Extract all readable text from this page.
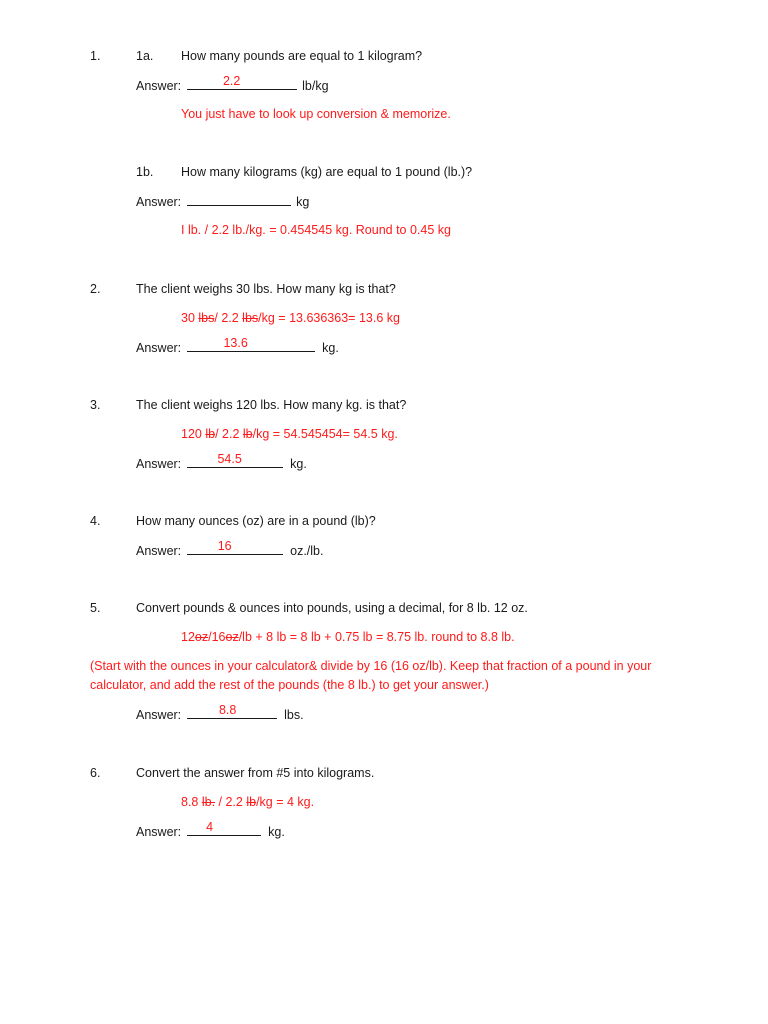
1.	1a. How many pounds are equal to 1 kilogram?
Answer:	2.2	lb/kg
You just have to look up conversion & memorize.
1b. How many kilograms (kg) are equal to 1 pound (lb.)?
Answer:	kg
I lb. / 2.2 lb./kg. = 0.454545 kg. Round to 0.45 kg
2.	The client weighs 30 lbs. How many kg is that?
30 lbs/ 2.2 lbs/kg = 13.636363= 13.6 kg
Answer:	13.6	kg.
3.	The client weighs 120 lbs. How many kg. is that?
120 lb/ 2.2 lb/kg = 54.545454= 54.5 kg.
Answer:	54.5	kg.
4.	How many ounces (oz) are in a pound (lb)?
Answer:	16	oz./lb.
5.	Convert pounds & ounces into pounds, using a decimal, for 8 lb. 12 oz.
12oz/16oz/lb + 8 lb = 8 lb + 0.75 lb = 8.75 lb. round to 8.8 lb.
(Start with the ounces in your calculator& divide by 16 (16 oz/lb). Keep that fraction of a pound in your
calculator, and add the rest of the pounds (the 8 lb.) to get your answer.)
Answer:	8.8	lbs.
6.	Convert the answer from #5 into kilograms.
8.8 lb. / 2.2 lb/kg = 4 kg.
Answer:	4	kg.
